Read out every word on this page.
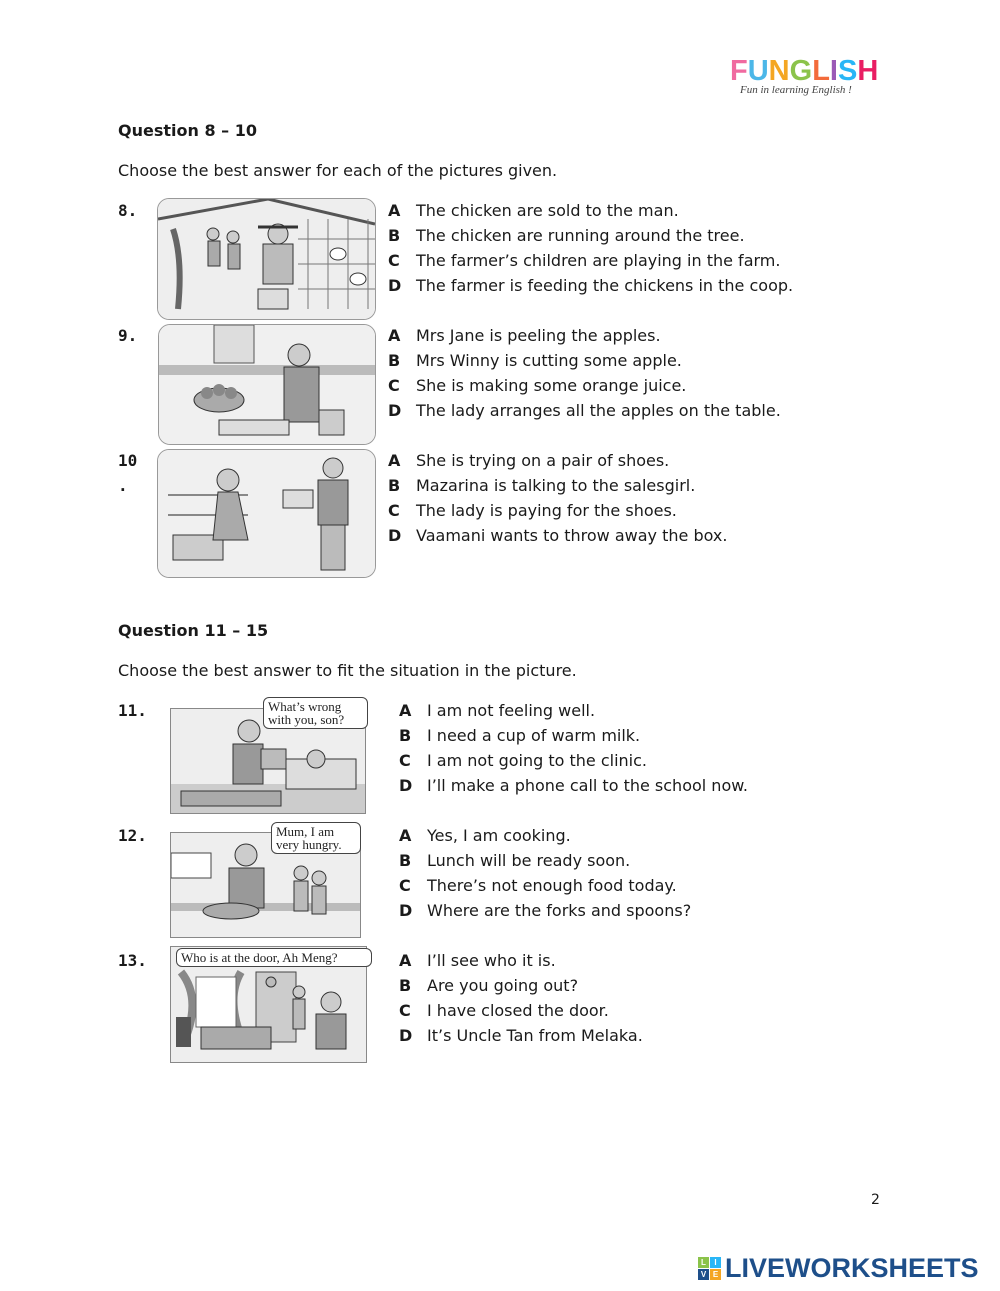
FUNGLISH
Fun in learning English !
Question 8 – 10
Choose the best answer for each of the pictures given.
8.	A The chicken are sold to the man.
B The chicken are running around the tree.
C The farmer’s children are playing in the farm.
D The farmer is feeding the chickens in the coop.
9.	A Mrs Jane is peeling the apples.
B Mrs Winny is cutting some apple.
C She is making some orange juice.
D The lady arranges all the apples on the table.
10
.
A She is trying on a pair of shoes.
B Mazarina is talking to the salesgirl.
C The lady is paying for the shoes.
D Vaamani wants to throw away the box.
Question 11 – 15
Choose the best answer to fit the situation in the picture.
11.	What’s wrong with you, son?	A I am not feeling well.
B I need a cup of warm milk.
C I am not going to the clinic.
D I’ll make a phone call to the school now.
12.	Mum, I am very hungry.	A Yes, I am cooking.
B Lunch will be ready soon.
C There’s not enough food today.
D Where are the forks and spoons?
13.	Who is at the door, Ah Meng?	A I’ll see who it is.
B Are you going out?
C I have closed the door.
D It’s Uncle Tan from Melaka.
2
L	I
V E LIVEWORKSHEETS
